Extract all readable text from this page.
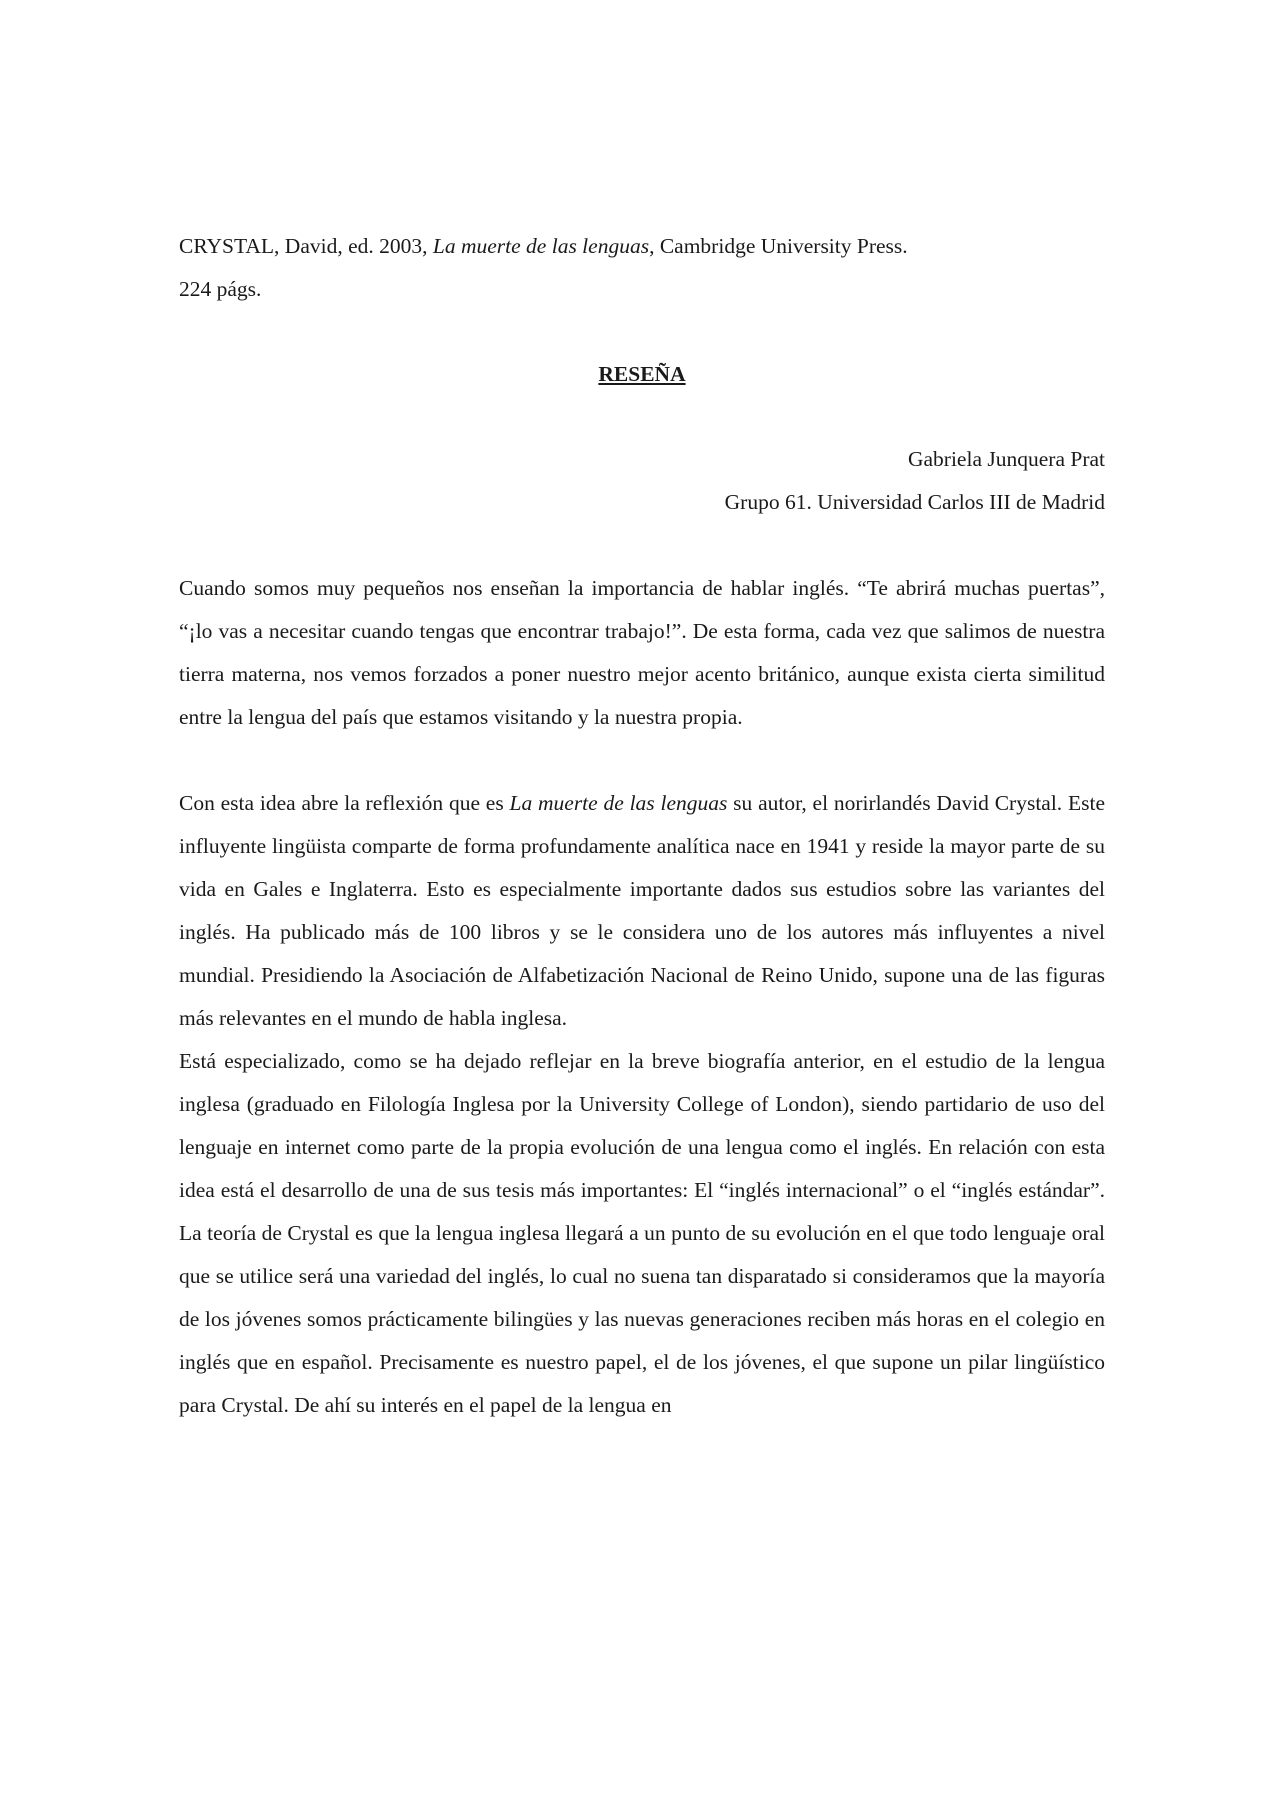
CRYSTAL, David, ed. 2003, La muerte de las lenguas, Cambridge University Press.

224 págs.

RESEÑA

Gabriela Junquera Prat

Grupo 61. Universidad Carlos III de Madrid

Cuando somos muy pequeños nos enseñan la importancia de hablar inglés. “Te abrirá muchas puertas”, “¡lo vas a necesitar cuando tengas que encontrar trabajo!”. De esta forma, cada vez que salimos de nuestra tierra materna, nos vemos forzados a poner nuestro mejor acento británico, aunque exista cierta similitud entre la lengua del país que estamos visitando y la nuestra propia.

Con esta idea abre la reflexión que es La muerte de las lenguas su autor, el norirlandés David Crystal. Este influyente lingüista comparte de forma profundamente analítica nace en 1941 y reside la mayor parte de su vida en Gales e Inglaterra. Esto es especialmente importante dados sus estudios sobre las variantes del inglés. Ha publicado más de 100 libros y se le considera uno de los autores más influyentes a nivel mundial. Presidiendo la Asociación de Alfabetización Nacional de Reino Unido, supone una de las figuras más relevantes en el mundo de habla inglesa.

Está especializado, como se ha dejado reflejar en la breve biografía anterior, en el estudio de la lengua inglesa (graduado en Filología Inglesa por la University College of London), siendo partidario de uso del lenguaje en internet como parte de la propia evolución de una lengua como el inglés. En relación con esta idea está el desarrollo de una de sus tesis más importantes: El “inglés internacional” o el “inglés estándar”. La teoría de Crystal es que la lengua inglesa llegará a un punto de su evolución en el que todo lenguaje oral que se utilice será una variedad del inglés, lo cual no suena tan disparatado si consideramos que la mayoría de los jóvenes somos prácticamente bilingües y las nuevas generaciones reciben más horas en el colegio en inglés que en español. Precisamente es nuestro papel, el de los jóvenes, el que supone un pilar lingüístico para Crystal. De ahí su interés en el papel de la lengua en
